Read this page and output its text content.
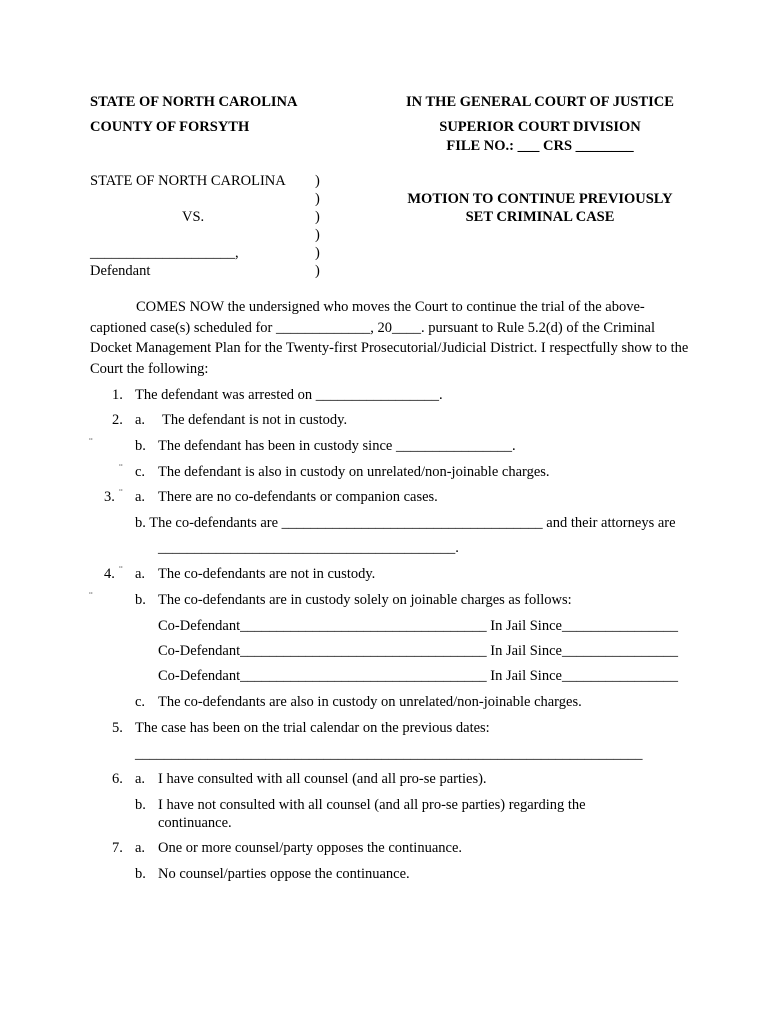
STATE OF NORTH CAROLINA
COUNTY OF FORSYTH
IN THE GENERAL COURT OF JUSTICE
SUPERIOR COURT DIVISION
FILE NO.: ___ CRS ________
STATE OF NORTH CAROLINA
VS.
____________________,
Defendant
)
)
)
)
)
)
MOTION TO CONTINUE PREVIOUSLY
SET CRIMINAL CASE
COMES NOW the undersigned who moves the Court to continue the trial of the above-captioned case(s) scheduled for _____________, 20____. pursuant to Rule 5.2(d) of the Criminal Docket Management Plan for the Twenty-first Prosecutorial/Judicial District. I respectfully show to the Court the following:
1. The defendant was arrested on _________________.
2. a. The defendant is not in custody.
¨	b. The defendant has been in custody since ________________.
¨ c. The defendant is also in custody on unrelated/non-joinable charges.
3. ¨ a. There are no co-defendants or companion cases.
b. The co-defendants are ____________________________________ and their attorneys are
_________________________________________.
4. ¨ a. The co-defendants are not in custody.
¨	b. The co-defendants are in custody solely on joinable charges as follows:
Co-Defendant__________________________________ In Jail Since________________
Co-Defendant__________________________________ In Jail Since________________
Co-Defendant__________________________________ In Jail Since________________
c. The co-defendants are also in custody on unrelated/non-joinable charges.
5. The case has been on the trial calendar on the previous dates:
______________________________________________________________________
6. a. I have consulted with all counsel (and all pro-se parties).
b. I have not consulted with all counsel (and all pro-se parties) regarding the
continuance.
7. a. One or more counsel/party opposes the continuance.
b. No counsel/parties oppose the continuance.
